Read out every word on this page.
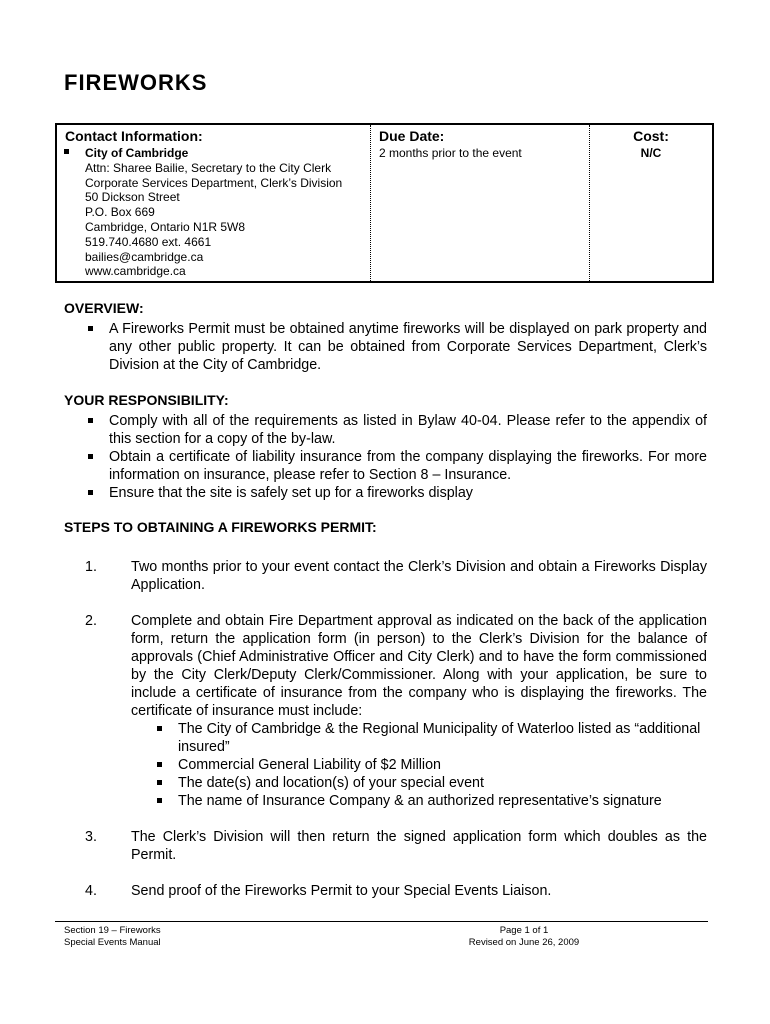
FIREWORKS
Contact Information:
City of Cambridge
Attn: Sharee Bailie, Secretary to the City Clerk
Corporate Services Department, Clerk’s Division
50 Dickson Street
P.O. Box 669
Cambridge, Ontario N1R 5W8
519.740.4680 ext. 4661
bailies@cambridge.ca
www.cambridge.ca

Due Date:
2 months prior to the event

Cost:
N/C
OVERVIEW:
A Fireworks Permit must be obtained anytime fireworks will be displayed on park property and any other public property. It can be obtained from Corporate Services Department, Clerk’s Division at the City of Cambridge.
YOUR RESPONSIBILITY:
Comply with all of the requirements as listed in Bylaw 40-04. Please refer to the appendix of this section for a copy of the by-law.
Obtain a certificate of liability insurance from the company displaying the fireworks. For more information on insurance, please refer to Section 8 – Insurance.
Ensure that the site is safely set up for a fireworks display
STEPS TO OBTAINING A FIREWORKS PERMIT:
1. Two months prior to your event contact the Clerk’s Division and obtain a Fireworks Display Application.
2. Complete and obtain Fire Department approval as indicated on the back of the application form, return the application form (in person) to the Clerk’s Division for the balance of approvals (Chief Administrative Officer and City Clerk) and to have the form commissioned by the City Clerk/Deputy Clerk/Commissioner. Along with your application, be sure to include a certificate of insurance from the company who is displaying the fireworks. The certificate of insurance must include:
The City of Cambridge & the Regional Municipality of Waterloo listed as “additional insured”
Commercial General Liability of $2 Million
The date(s) and location(s) of your special event
The name of Insurance Company & an authorized representative’s signature
3. The Clerk’s Division will then return the signed application form which doubles as the Permit.
4. Send proof of the Fireworks Permit to your Special Events Liaison.
Section 19 – Fireworks
Special Events Manual
Page 1 of 1
Revised on June 26, 2009
